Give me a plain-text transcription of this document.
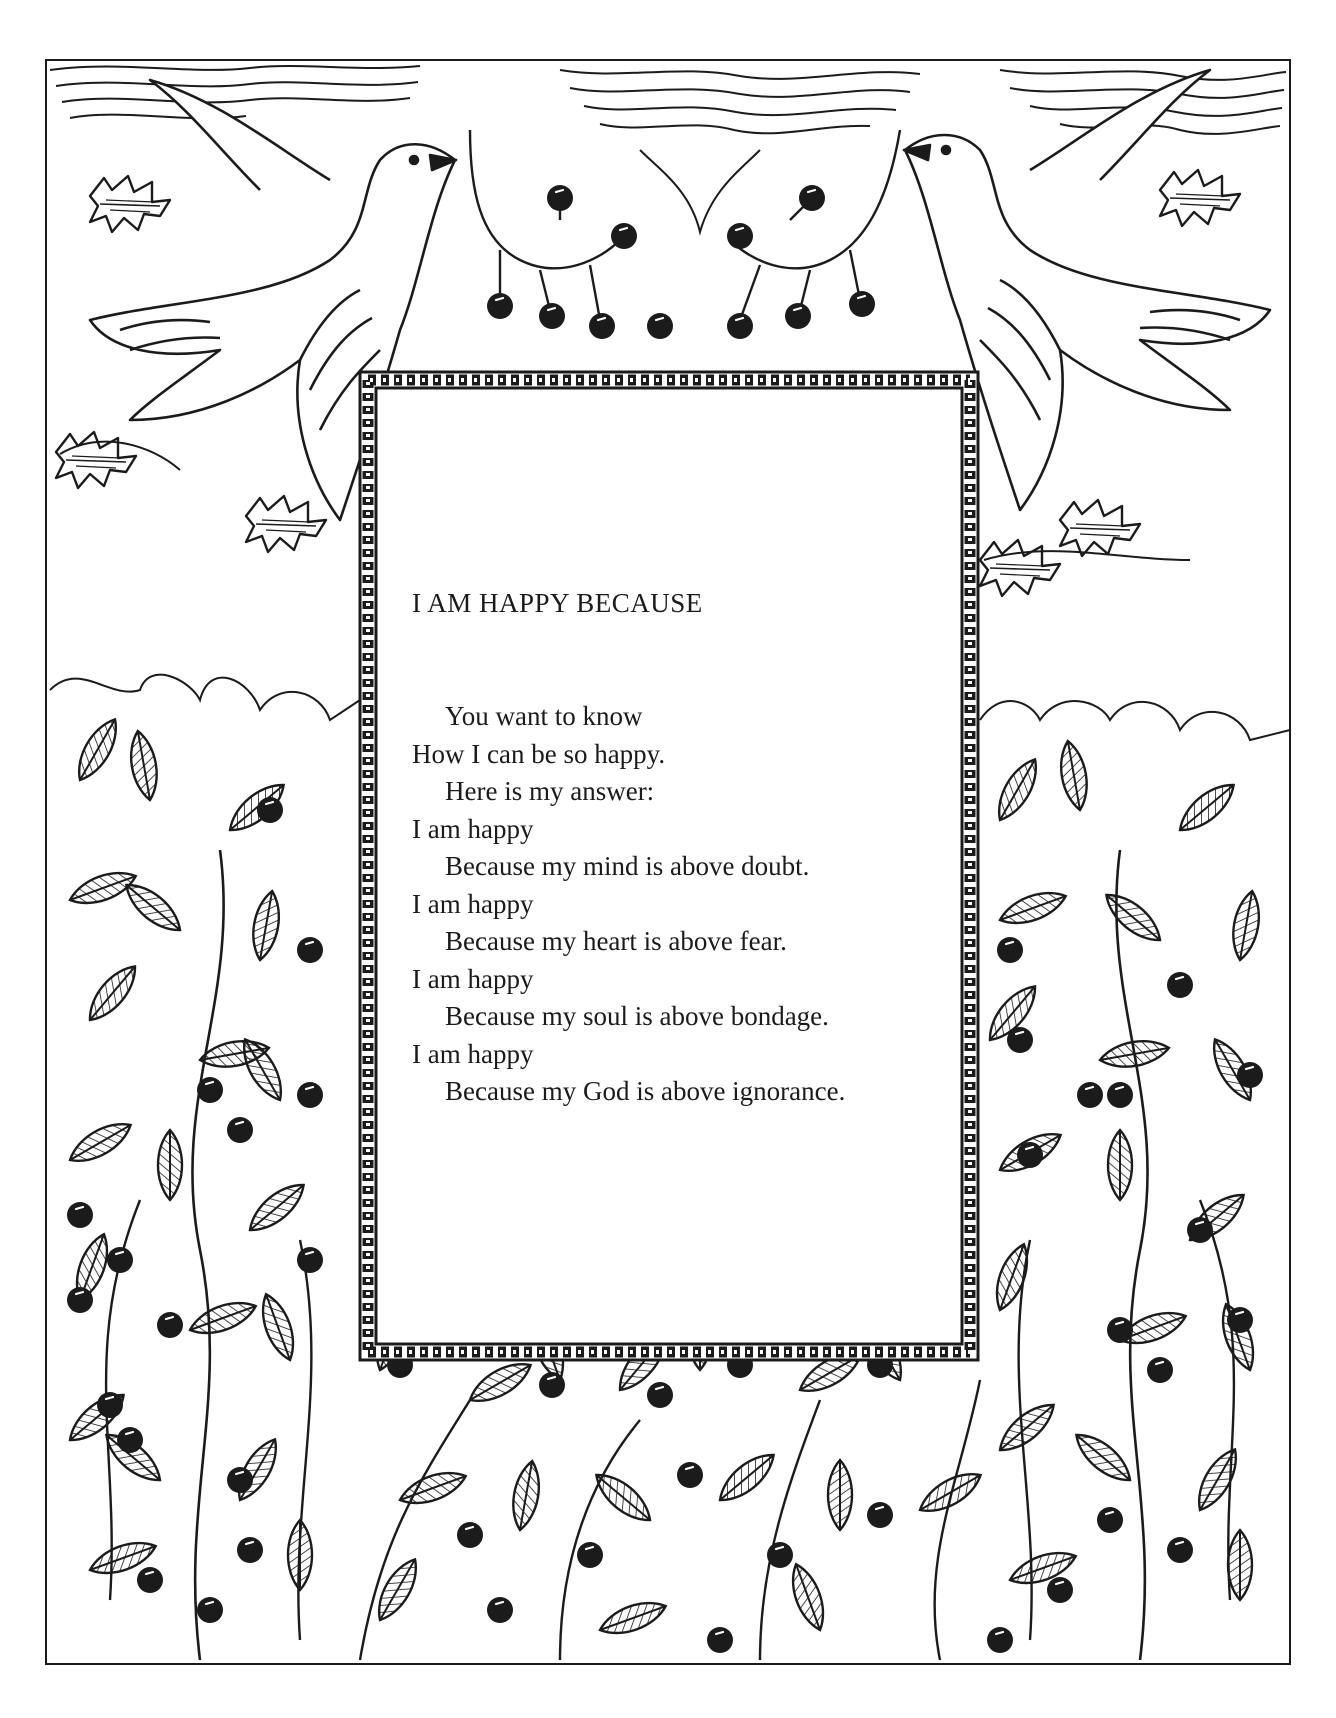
I AM HAPPY BECAUSE
You want to know
How I can be so happy.
Here is my answer:
I am happy
Because my mind is above doubt.
I am happy
Because my heart is above fear.
I am happy
Because my soul is above bondage.
I am happy
Because my God is above ignorance.
